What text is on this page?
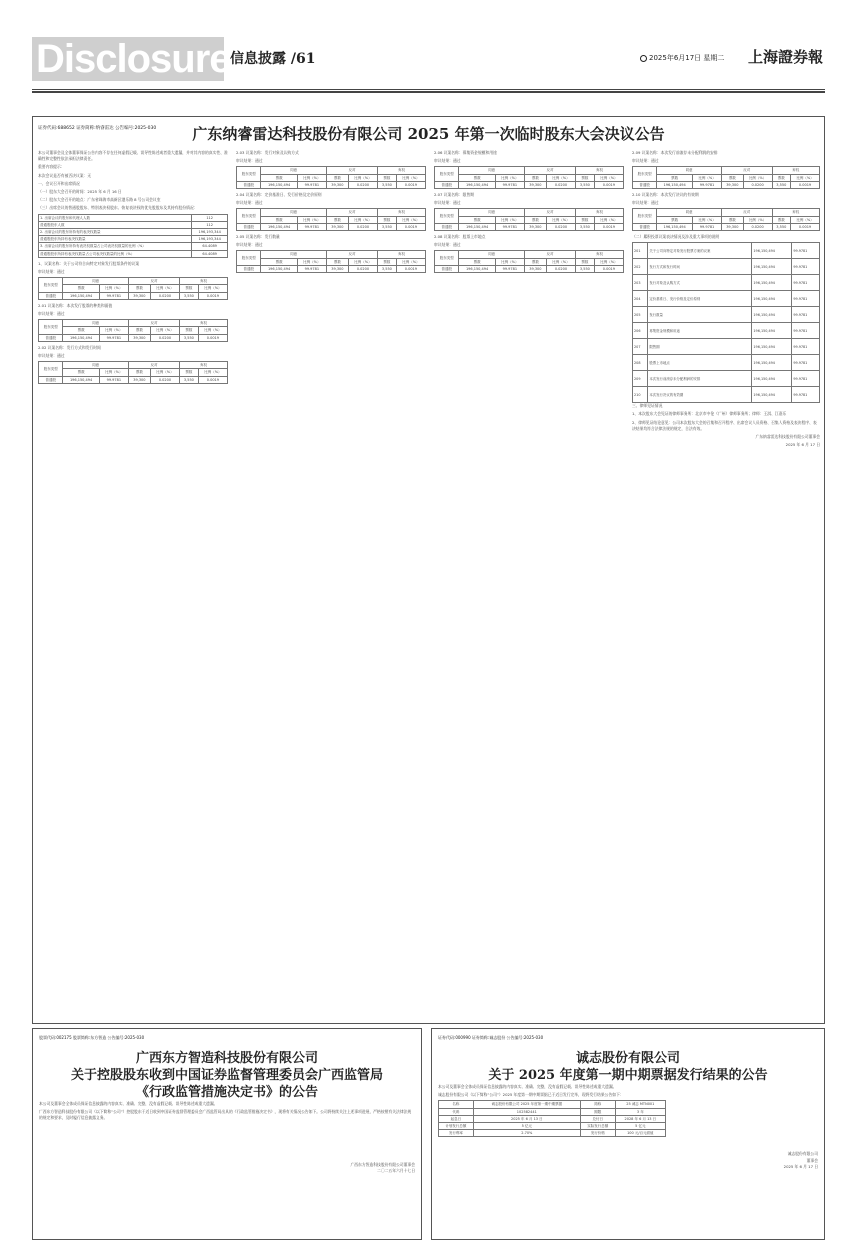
Disclosure 信息披露 /61	2025年6月17日 星期二 上海證券報
证券代码:688652 证券简称:纳睿雷达 公告编号:2025-030	广东纳睿雷达科技股份有限公司 2025 年第一次临时股东大会决议公告

本公司董事会及全体董事保证公告内容不存在任何虚假记载、误导性陈述或者重大遗漏，并对其内容的真实性、准确性和完整性依法承担法律责任。

重要内容提示：

本次会议是否有被否决议案：无

一、会议召开和出席情况

（一）股东大会召开的时间：2025 年 6 月 16 日

（二）股东大会召开的地点：广东省珠海市高新区港乐路 8 号公司会议室

（三）出席会议的普通股股东、特别表决权股东、恢复表决权的优先股股东及其持有股份情况：

1. 出席会议的股东和代理人人数	112
普通股股东人数	112
2. 出席会议的股东所持有的表决权数量	196,193,344
普通股股东所持有表决权数量	196,193,344
3. 出席会议的股东所持有表决权数量占公司表决权数量的比例（%）	64.4089
普通股股东所持有表决权数量占公司表决权数量的比例（%）	64.4089

1、议案名称：关于公司符合向特定对象发行股票条件的议案

审议结果：通过

股东类型	同意		反对		弃权	
	票数	比例（%）	票数	比例（%）	票数	比例（%）
普通股	196,150,494	99.9781	39,300	0.0200	3,550	0.0019

2.01 议案名称：本次发行股票的种类和面值

审议结果：通过

股东类型	同意		反对		弃权	
	票数	比例（%）	票数	比例（%）	票数	比例（%）
普通股	196,150,494	99.9781	39,300	0.0200	3,550	0.0019

2.02 议案名称：发行方式和发行时间

审议结果：通过

股东类型	同意		反对		弃权	
	票数	比例（%）	票数	比例（%）	票数	比例（%）
普通股	196,150,494	99.9781	39,300	0.0200	3,550	0.0019

2.03 议案名称：发行对象及认购方式

审议结果：通过

股东类型	同意		反对		弃权	
	票数	比例（%）	票数	比例（%）	票数	比例（%）
普通股	196,150,494	99.9781	39,300	0.0200	3,550	0.0019

2.04 议案名称：定价基准日、发行价格及定价原则

审议结果：通过

股东类型	同意		反对		弃权	
	票数	比例（%）	票数	比例（%）	票数	比例（%）
普通股	196,150,494	99.9781	39,300	0.0200	3,550	0.0019

2.05 议案名称：发行数量

审议结果：通过

股东类型	同意		反对		弃权	
	票数	比例（%）	票数	比例（%）	票数	比例（%）
普通股	196,150,494	99.9781	39,300	0.0200	3,550	0.0019

2.06 议案名称：募集资金规模和用途

审议结果：通过

股东类型	同意		反对		弃权	
	票数	比例（%）	票数	比例（%）	票数	比例（%）
普通股	196,150,494	99.9781	39,300	0.0200	3,550	0.0019

2.07 议案名称：限售期

审议结果：通过

股东类型	同意		反对		弃权	
	票数	比例（%）	票数	比例（%）	票数	比例（%）
普通股	196,150,494	99.9781	39,300	0.0200	3,550	0.0019

2.08 议案名称：股票上市地点

审议结果：通过

股东类型	同意		反对		弃权	
	票数	比例（%）	票数	比例（%）	票数	比例（%）
普通股	196,150,494	99.9781	39,300	0.0200	3,550	0.0019

2.09 议案名称：本次发行前滚存未分配利润的安排

审议结果：通过

股东类型	同意		反对		弃权	
	票数	比例（%）	票数	比例（%）	票数	比例（%）
普通股	196,150,494	99.9781	39,300	0.0200	3,550	0.0019

2.10 议案名称：本次发行决议的有效期

审议结果：通过

股东类型	同意		反对		弃权	
	票数	比例（%）	票数	比例（%）	票数	比例（%）
普通股	196,150,494	99.9781	39,300	0.0200	3,550	0.0019

（二）累积投票议案表决情况及涉及重大事项的说明

201	关于公司向特定对象发行股票方案的议案	196,150,494	99.9781
202	发行方式和发行时间	196,150,494	99.9781
203	发行对象及认购方式	196,150,494	99.9781
204	定价基准日、发行价格及定价原则	196,150,494	99.9781
205	发行数量	196,150,494	99.9781
206	募集资金规模和用途	196,150,494	99.9781
207	限售期	196,150,494	99.9781
208	股票上市地点	196,150,494	99.9781
209	本次发行前滚存未分配利润的安排	196,150,494	99.9781
210	本次发行决议的有效期	196,150,494	99.9781

三、律师见证情况

1、本次股东大会见证的律师事务所：北京市中伦（广州）律师事务所；律师：王淇、江嘉乐

2、律师见证结论意见：公司本次股东大会的召集和召开程序、出席会议人员资格、召集人资格及表决程序、表决结果均符合法律法规的规定，合法有效。

广东纳睿雷达科技股份有限公司董事会

2025 年 6 月 17 日

股票代码:002175 股票简称:东方智造 公告编号:2025-030
广西东方智造科技股份有限公司
关于控股股东收到中国证券监督管理委员会广西监管局
《行政监管措施决定书》的公告

本公司及董事会全体成员保证信息披露的内容真实、准确、完整，没有虚假记载、误导性陈述或重大遗漏。

广西东方智造科技股份有限公司（以下简称“公司”）控股股东于近日收到中国证券监督管理委员会广西监管局出具的《行政监管措施决定书》，现将有关情况公告如下。公司将持续关注上述事项进展，严格按照有关法律法规的规定和要求，及时履行信息披露义务。

广西东方智造科技股份有限公司董事会

二〇二五年六月十七日

证券代码:000990 证券简称:诚志股份 公告编号:2025-030
诚志股份有限公司
关于 2025 年度第一期中期票据发行结果的公告

本公司及董事会全体成员保证信息披露的内容真实、准确、完整，没有虚假记载、误导性陈述或重大遗漏。

诚志股份有限公司（以下简称“公司”）2025 年度第一期中期票据已于近日发行完毕，现将发行结果公告如下：

名称	诚志股份有限公司 2025 年度第一期中期票据	简称	25 诚志 MTN001
代码	102582441	期限	3 年
起息日	2025 年 6 月 13 日	兑付日	2028 年 6 月 13 日
计划发行总额	5 亿元	实际发行总额	5 亿元
发行利率	2.70%	发行价格	100 元/百元面值

诚志股份有限公司

董事会

2025 年 6 月 17 日
